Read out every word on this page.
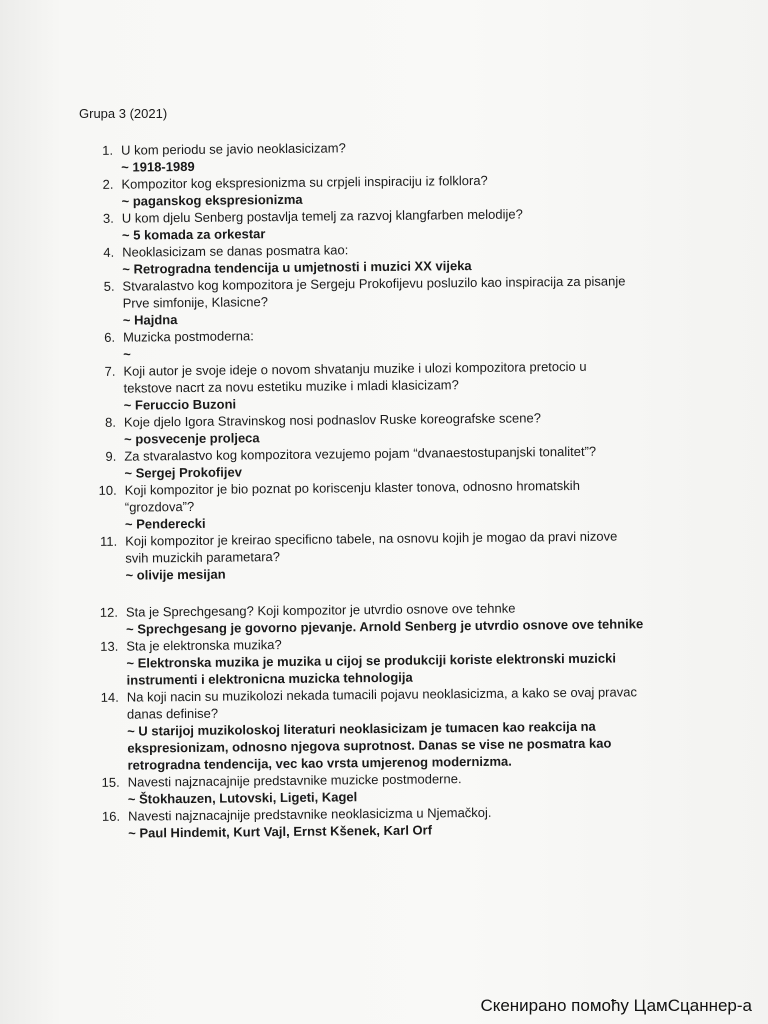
Grupa 3 (2021)
1. U kom periodu se javio neoklasicizam?
~ 1918-1989
2. Kompozitor kog ekspresionizma su crpjeli inspiraciju iz folklora?
~ paganskog ekspresionizma
3. U kom djelu Senberg postavlja temelj za razvoj klangfarben melodije?
~ 5 komada za orkestar
4. Neoklasicizam se danas posmatra kao:
~ Retrogradna tendencija u umjetnosti i muzici XX vijeka
5. Stvaralastvo kog kompozitora je Sergeju Prokofijevu posluzilo kao inspiracija za pisanje
Prve simfonije, Klasicne?
~ Hajdna
6. Muzicka postmoderna:
~
7. Koji autor je svoje ideje o novom shvatanju muzike i ulozi kompozitora pretocio u
tekstove nacrt za novu estetiku muzike i mladi klasicizam?
~ Feruccio Buzoni
8. Koje djelo Igora Stravinskog nosi podnaslov Ruske koreografske scene?
~ posvecenje proljeca
9. Za stvaralastvo kog kompozitora vezujemo pojam “dvanaestostupanjski tonalitet”?
~ Sergej Prokofijev
10. Koji kompozitor je bio poznat po koriscenju klaster tonova, odnosno hromatskih
“grozdova”?
~ Penderecki
11. Koji kompozitor je kreirao specificno tabele, na osnovu kojih je mogao da pravi nizove
svih muzickih parametara?
~ olivije mesijan
12. Sta je Sprechgesang? Koji kompozitor je utvrdio osnove ove tehnke
~ Sprechgesang je govorno pjevanje. Arnold Senberg je utvrdio osnove ove tehnike
13. Sta je elektronska muzika?
~ Elektronska muzika je muzika u cijoj se produkciji koriste elektronski muzicki
instrumenti i elektronicna muzicka tehnologija
14. Na koji nacin su muzikolozi nekada tumacili pojavu neoklasicizma, a kako se ovaj pravac
danas definise?
~ U starijoj muzikoloskoj literaturi neoklasicizam je tumacen kao reakcija na
ekspresionizam, odnosno njegova suprotnost. Danas se vise ne posmatra kao
retrogradna tendencija, vec kao vrsta umjerenog modernizma.
15. Navesti najznacajnije predstavnike muzicke postmoderne.
~ Štokhauzen, Lutovski, Ligeti, Kagel
16. Navesti najznacajnije predstavnike neoklasicizma u Njemačkoj.
~ Paul Hindemit, Kurt Vajl, Ernst Kšenek, Karl Orf
Скенирано помоћу ЦамСцаннер-а
